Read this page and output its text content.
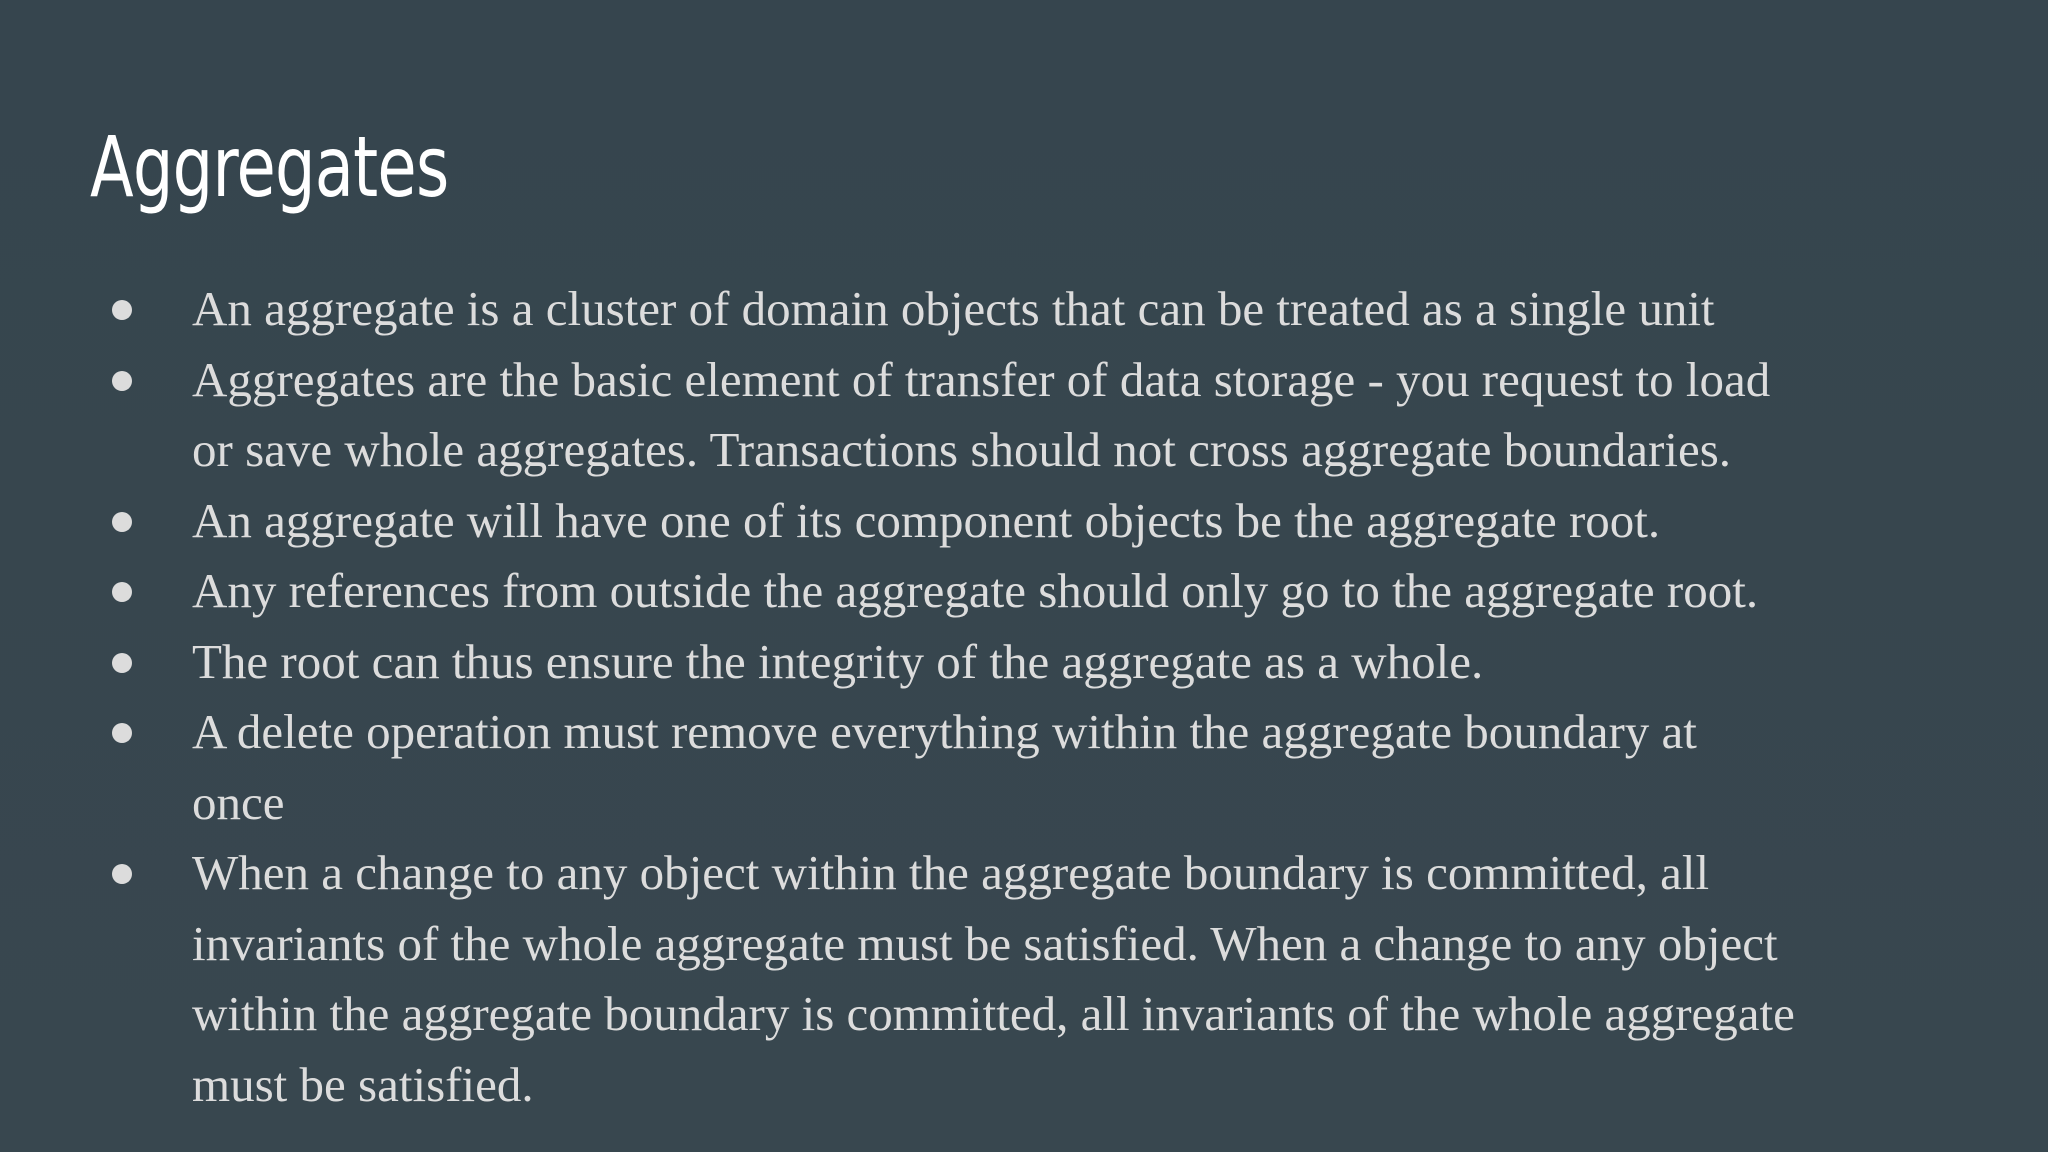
Aggregates
An aggregate is a cluster of domain objects that can be treated as a single unit
Aggregates are the basic element of transfer of data storage - you request to load
or save whole aggregates. Transactions should not cross aggregate boundaries.
An aggregate will have one of its component objects be the aggregate root.
Any references from outside the aggregate should only go to the aggregate root.
The root can thus ensure the integrity of the aggregate as a whole.
A delete operation must remove everything within the aggregate boundary at
once
When a change to any object within the aggregate boundary is committed, all
invariants of the whole aggregate must be satisfied. When a change to any object
within the aggregate boundary is committed, all invariants of the whole aggregate
must be satisfied.
